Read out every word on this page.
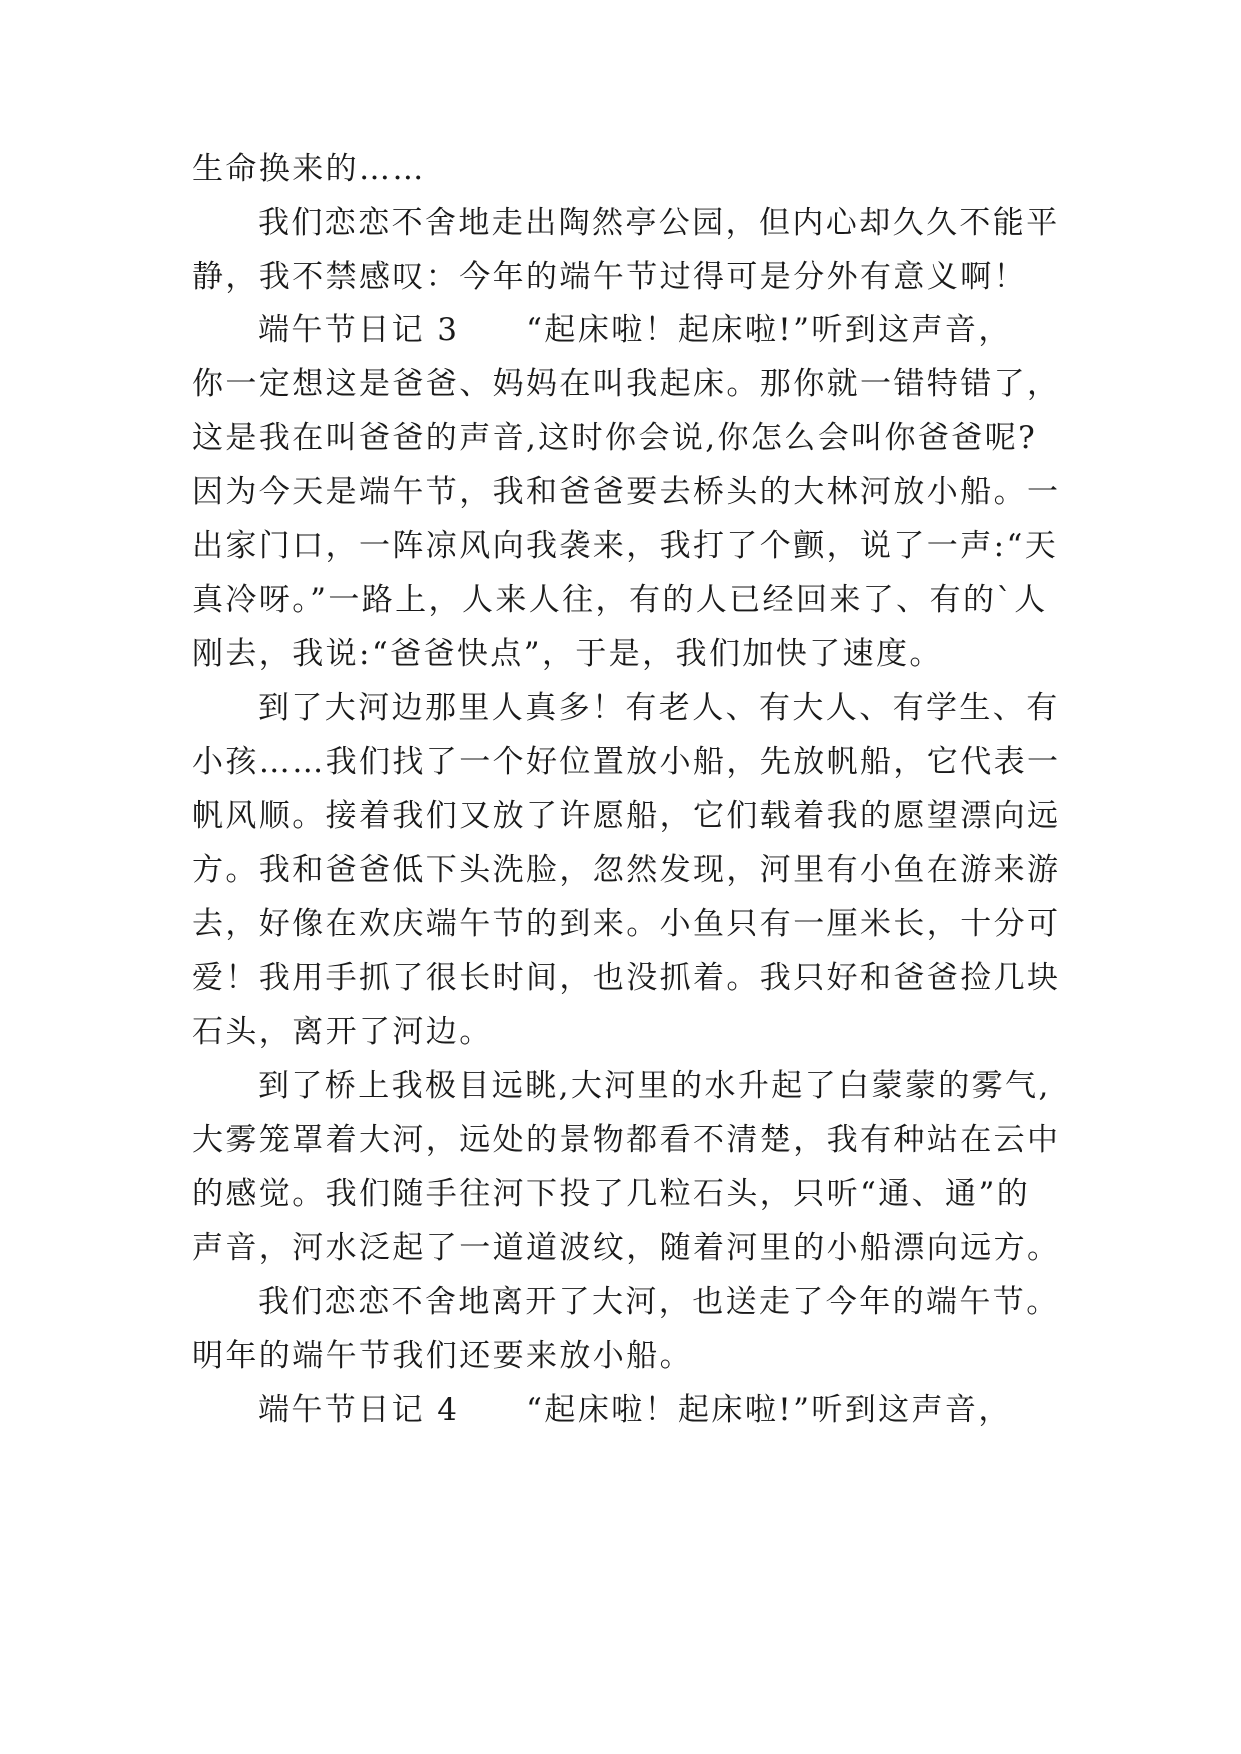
生命换来的……
我们恋恋不舍地走出陶然亭公园，但内心却久久不能平
静，我不禁感叹：今年的端午节过得可是分外有意义啊！
端午节日记 3　　“起床啦！起床啦!”听到这声音，
你一定想这是爸爸、妈妈在叫我起床。那你就一错特错了，
这是我在叫爸爸的声音,这时你会说,你怎么会叫你爸爸呢?
因为今天是端午节，我和爸爸要去桥头的大林河放小船。一
出家门口，一阵凉风向我袭来，我打了个颤，说了一声:“天
真冷呀。”一路上，人来人往，有的人已经回来了、有的`人
刚去，我说:“爸爸快点”，于是，我们加快了速度。
到了大河边那里人真多！有老人、有大人、有学生、有
小孩……我们找了一个好位置放小船，先放帆船，它代表一
帆风顺。接着我们又放了许愿船，它们载着我的愿望漂向远
方。我和爸爸低下头洗脸，忽然发现，河里有小鱼在游来游
去，好像在欢庆端午节的到来。小鱼只有一厘米长，十分可
爱！我用手抓了很长时间，也没抓着。我只好和爸爸捡几块
石头，离开了河边。
到了桥上我极目远眺,大河里的水升起了白蒙蒙的雾气,
大雾笼罩着大河，远处的景物都看不清楚，我有种站在云中
的感觉。我们随手往河下投了几粒石头，只听“通、通”的
声音，河水泛起了一道道波纹，随着河里的小船漂向远方。
我们恋恋不舍地离开了大河，也送走了今年的端午节。
明年的端午节我们还要来放小船。
端午节日记 4　　“起床啦！起床啦!”听到这声音，
